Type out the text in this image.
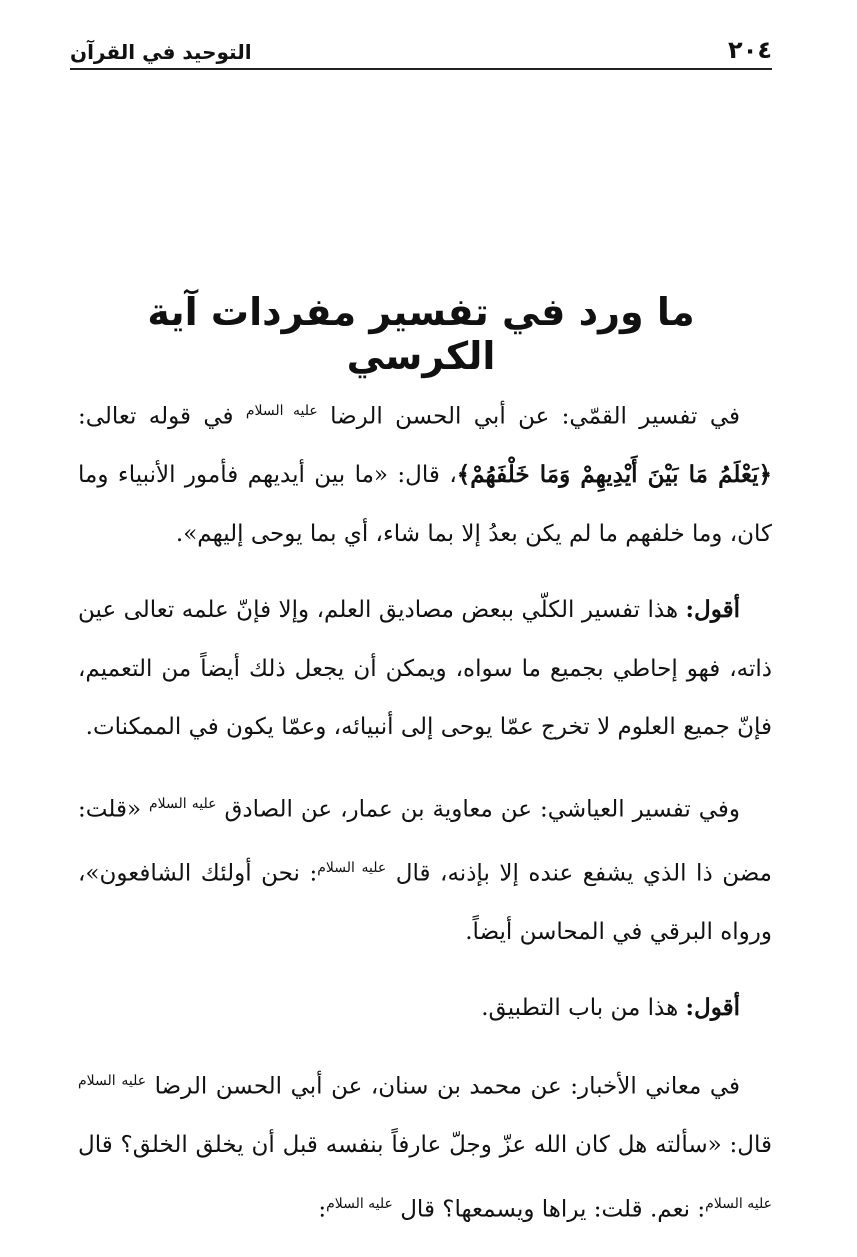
٢٠٤
التوحيد في القرآن
ما ورد في تفسير مفردات آية الكرسي

في تفسير القمّي: عن أبي الحسن الرضا $^{عليه السلام}$ في قوله تعالى: ﴿يَعْلَمُ مَا بَيْنَ أَيْدِيهِمْ وَمَا خَلْفَهُمْ﴾، قال: «ما بين أيديهم فأمور الأنبياء وما كان، وما خلفهم ما لم يكن بعدُ إلا بما شاء، أي بما يوحى إليهم».

أقول: هذا تفسير الكلّي ببعض مصاديق العلم، وإلا فإنّ علمه تعالى عين ذاته، فهو إحاطي بجميع ما سواه، ويمكن أن يجعل ذلك أيضاً من التعميم، فإنّ جميع العلوم لا تخرج عمّا يوحى إلى أنبيائه، وعمّا يكون في الممكنات.

وفي تفسير العياشي: عن معاوية بن عمار، عن الصادق $^{عليه السلام}$ «قلت: مضن ذا الذي يشفع عنده إلا بإذنه، قال $^{عليه السلام}$: نحن أولئك الشافعون»، ورواه البرقي في المحاسن أيضاً.

أقول: هذا من باب التطبيق.

في معاني الأخبار: عن محمد بن سنان، عن أبي الحسن الرضا $^{عليه السلام}$ قال: «سألته هل كان الله عزّ وجلّ عارفاً بنفسه قبل أن يخلق الخلق؟ قال $^{عليه السلام}$: نعم. قلت: يراها ويسمعها؟ قال $^{عليه السلام}$:
